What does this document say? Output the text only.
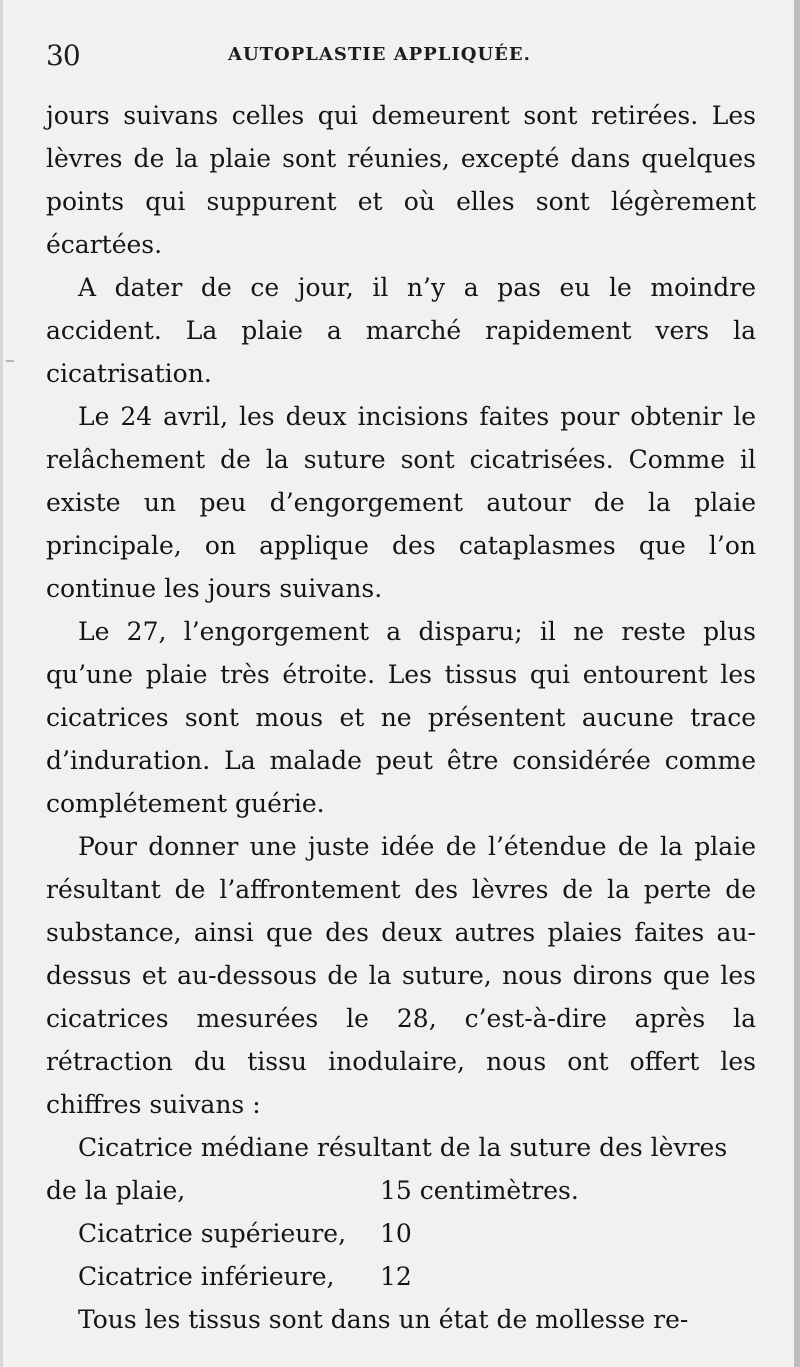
30	AUTOPLASTIE APPLIQUÉE.

jours suivans celles qui demeurent sont retirées. Les lèvres de la plaie sont réunies, excepté dans quelques points qui suppurent et où elles sont légèrement écartées.

A dater de ce jour, il n’y a pas eu le moindre accident. La plaie a marché rapidement vers la cicatrisation.

Le 24 avril, les deux incisions faites pour obtenir le relâchement de la suture sont cicatrisées. Comme il existe un peu d’engorgement autour de la plaie principale, on applique des cataplasmes que l’on continue les jours suivans.

Le 27, l’engorgement a disparu; il ne reste plus qu’une plaie très étroite. Les tissus qui entourent les cicatrices sont mous et ne présentent aucune trace d’induration. La malade peut être considérée comme complétement guérie.

Pour donner une juste idée de l’étendue de la plaie résultant de l’affrontement des lèvres de la perte de substance, ainsi que des deux autres plaies faites au-dessus et au-dessous de la suture, nous dirons que les cicatrices mesurées le 28, c’est-à-dire après la rétraction du tissu inodulaire, nous ont offert les chiffres suivans :

Cicatrice médiane résultant de la suture des lèvres

de la plaie,	15 centimètres.
Cicatrice supérieure,	10
Cicatrice inférieure,	12

Tous les tissus sont dans un état de mollesse re-
